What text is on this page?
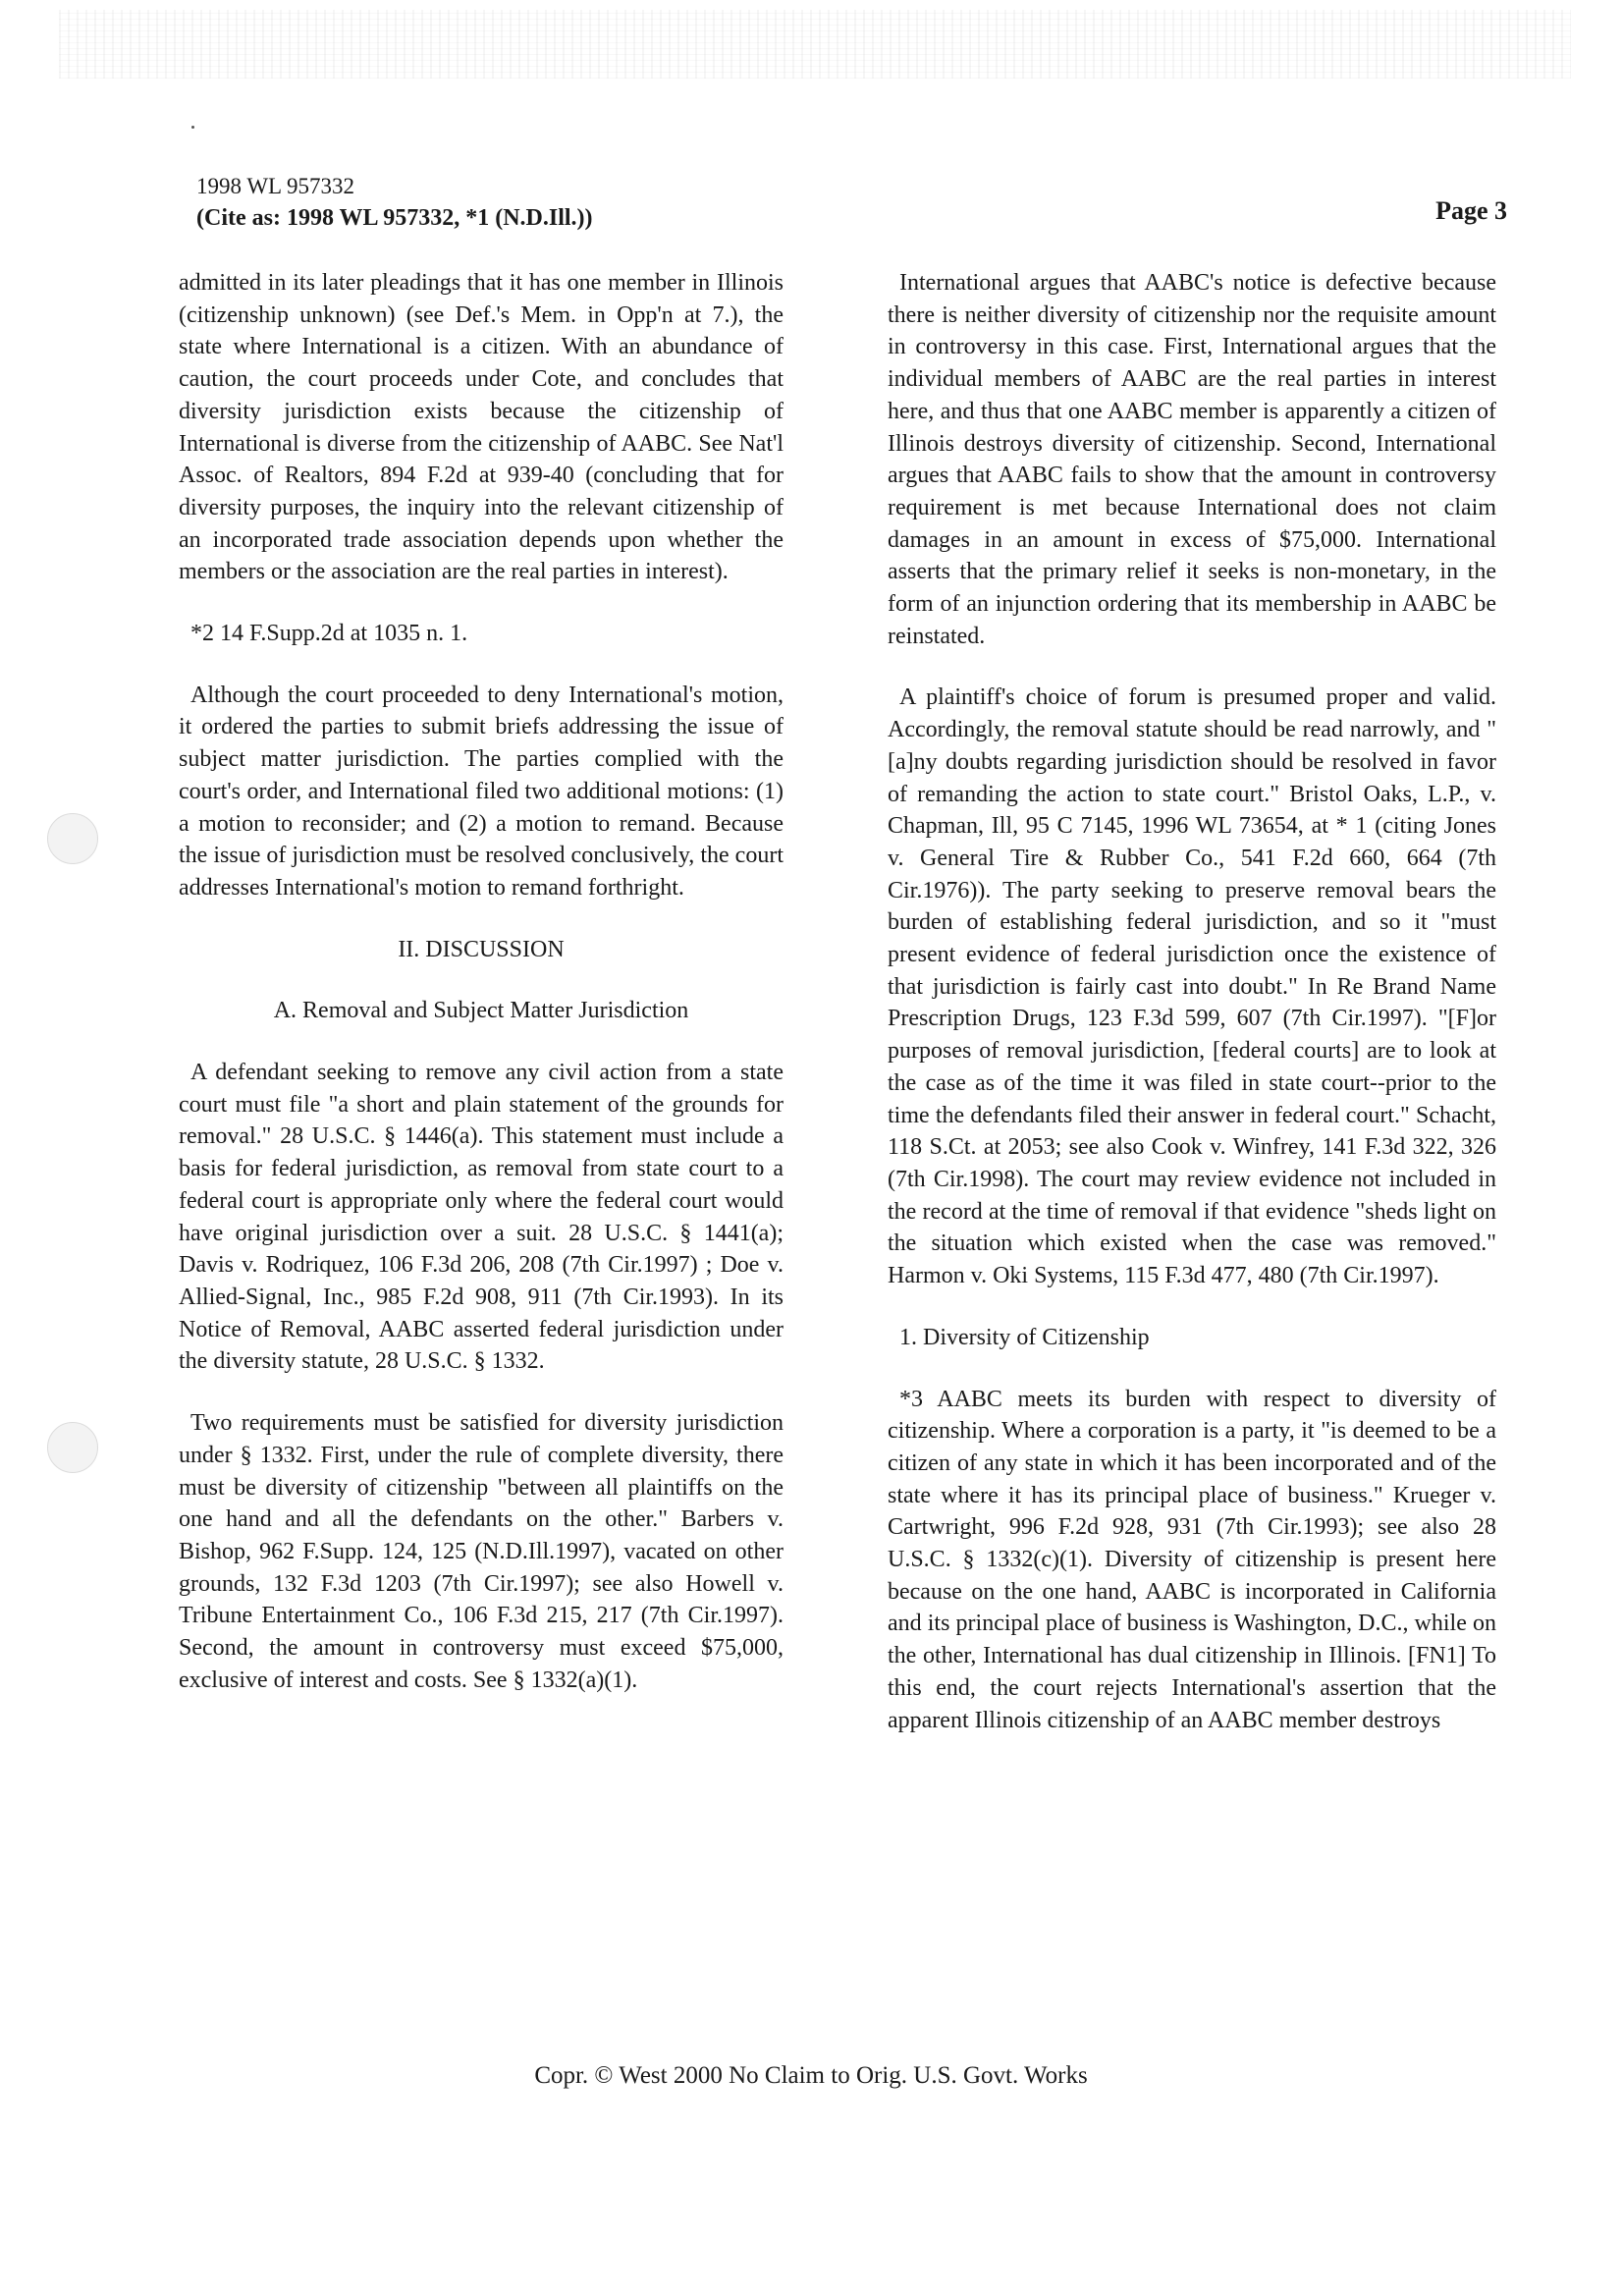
1998 WL 957332
(Cite as: 1998 WL 957332, *1 (N.D.Ill.))	Page 3

admitted in its later pleadings that it has one member in Illinois (citizenship unknown) (see Def.'s Mem. in Opp'n at 7.), the state where International is a citizen. With an abundance of caution, the court proceeds under Cote, and concludes that diversity jurisdiction exists because the citizenship of International is diverse from the citizenship of AABC. See Nat'l Assoc. of Realtors, 894 F.2d at 939-40 (concluding that for diversity purposes, the inquiry into the relevant citizenship of an incorporated trade association depends upon whether the members or the association are the real parties in interest).

*2 14 F.Supp.2d at 1035 n. 1.

Although the court proceeded to deny International's motion, it ordered the parties to submit briefs addressing the issue of subject matter jurisdiction. The parties complied with the court's order, and International filed two additional motions: (1) a motion to reconsider; and (2) a motion to remand. Because the issue of jurisdiction must be resolved conclusively, the court addresses International's motion to remand forthright.

II. DISCUSSION

A. Removal and Subject Matter Jurisdiction

A defendant seeking to remove any civil action from a state court must file "a short and plain statement of the grounds for removal." 28 U.S.C. § 1446(a). This statement must include a basis for federal jurisdiction, as removal from state court to a federal court is appropriate only where the federal court would have original jurisdiction over a suit. 28 U.S.C. § 1441(a); Davis v. Rodriquez, 106 F.3d 206, 208 (7th Cir.1997) ; Doe v. Allied-Signal, Inc., 985 F.2d 908, 911 (7th Cir.1993). In its Notice of Removal, AABC asserted federal jurisdiction under the diversity statute, 28 U.S.C. § 1332.

Two requirements must be satisfied for diversity jurisdiction under § 1332. First, under the rule of complete diversity, there must be diversity of citizenship "between all plaintiffs on the one hand and all the defendants on the other." Barbers v. Bishop, 962 F.Supp. 124, 125 (N.D.Ill.1997), vacated on other grounds, 132 F.3d 1203 (7th Cir.1997); see also Howell v. Tribune Entertainment Co., 106 F.3d 215, 217 (7th Cir.1997). Second, the amount in controversy must exceed $75,000, exclusive of interest and costs. See § 1332(a)(1).

International argues that AABC's notice is defective because there is neither diversity of citizenship nor the requisite amount in controversy in this case. First, International argues that the individual members of AABC are the real parties in interest here, and thus that one AABC member is apparently a citizen of Illinois destroys diversity of citizenship. Second, International argues that AABC fails to show that the amount in controversy requirement is met because International does not claim damages in an amount in excess of $75,000. International asserts that the primary relief it seeks is non-monetary, in the form of an injunction ordering that its membership in AABC be reinstated.

A plaintiff's choice of forum is presumed proper and valid. Accordingly, the removal statute should be read narrowly, and "[a]ny doubts regarding jurisdiction should be resolved in favor of remanding the action to state court." Bristol Oaks, L.P., v. Chapman, Ill, 95 C 7145, 1996 WL 73654, at * 1 (citing Jones v. General Tire & Rubber Co., 541 F.2d 660, 664 (7th Cir.1976)). The party seeking to preserve removal bears the burden of establishing federal jurisdiction, and so it "must present evidence of federal jurisdiction once the existence of that jurisdiction is fairly cast into doubt." In Re Brand Name Prescription Drugs, 123 F.3d 599, 607 (7th Cir.1997). "[F]or purposes of removal jurisdiction, [federal courts] are to look at the case as of the time it was filed in state court--prior to the time the defendants filed their answer in federal court." Schacht, 118 S.Ct. at 2053; see also Cook v. Winfrey, 141 F.3d 322, 326 (7th Cir.1998). The court may review evidence not included in the record at the time of removal if that evidence "sheds light on the situation which existed when the case was removed." Harmon v. Oki Systems, 115 F.3d 477, 480 (7th Cir.1997).

1. Diversity of Citizenship

*3 AABC meets its burden with respect to diversity of citizenship. Where a corporation is a party, it "is deemed to be a citizen of any state in which it has been incorporated and of the state where it has its principal place of business." Krueger v. Cartwright, 996 F.2d 928, 931 (7th Cir.1993); see also 28 U.S.C. § 1332(c)(1). Diversity of citizenship is present here because on the one hand, AABC is incorporated in California and its principal place of business is Washington, D.C., while on the other, International has dual citizenship in Illinois. [FN1] To this end, the court rejects International's assertion that the apparent Illinois citizenship of an AABC member destroys

Copr. © West 2000 No Claim to Orig. U.S. Govt. Works
